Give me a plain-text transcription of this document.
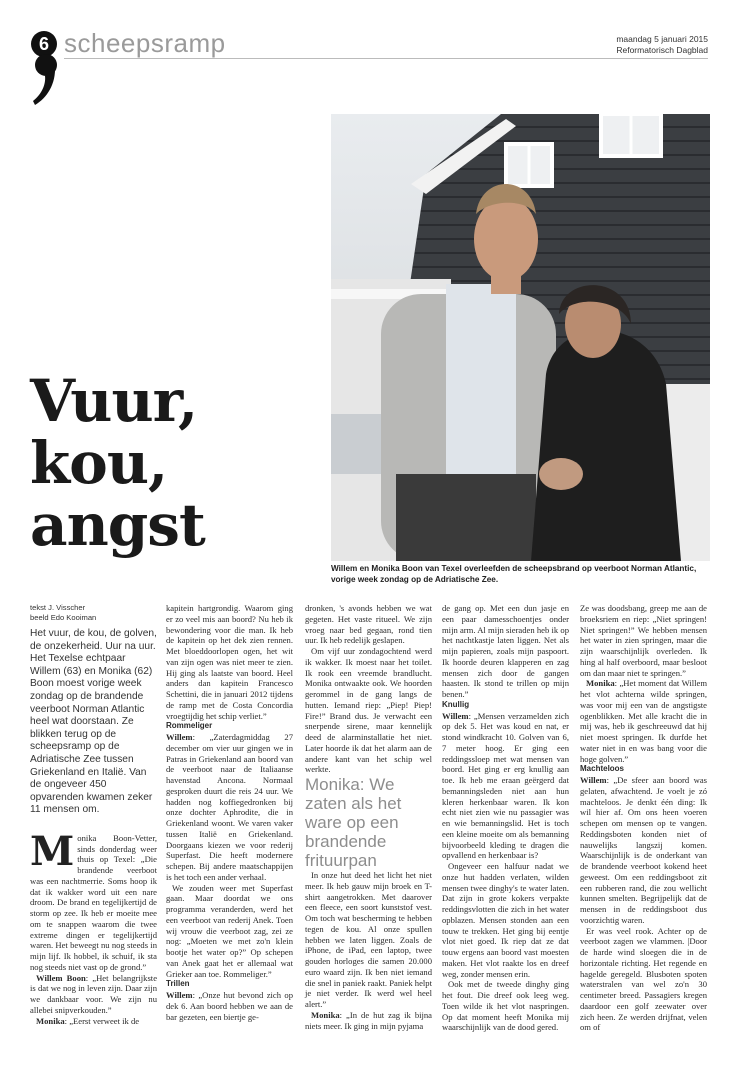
6 scheepsramp	maandag 5 januari 2015
Reformatorisch Dagblad
Vuur,
kou,
angst
Willem en Monika Boon van Texel overleefden de scheepsbrand op veerboot Norman Atlantic, vorige week zondag op de Adriatische Zee.
tekst J. Visscher
beeld Edo Kooiman

Het vuur, de kou, de golven, de onzekerheid. Uur na uur. Het Texelse echtpaar Willem (63) en Monika (62) Boon moest vorige week zondag op de brandende veerboot Norman Atlantic heel wat doorstaan. Ze blikken terug op de scheepsramp op de Adriatische Zee tussen Griekenland en Italië. Van de ongeveer 450 opvarenden kwamen zeker 11 mensen om.

Monika Boon-Vetter, sinds donderdag weer thuis op Texel: „Die brandende veerboot was een nachtmerrie. Soms hoop ik dat ik wakker word uit een nare droom. De brand en tegelijkertijd de storm op zee. Ik heb er moeite mee om te snappen waarom die twee extreme dingen er tegelijkertijd waren. Het beweegt nu nog steeds in mijn lijf. Ik hobbel, ik schuif, ik sta nog steeds niet vast op de grond.”

Willem Boon: „Het belangrijkste is dat we nog in leven zijn. Daar zijn we dankbaar voor. We zijn nu allebei snipverkouden.”

Monika: „Eerst verweet ik de

kapitein hartgrondig. Waarom ging er zo veel mis aan boord? Nu heb ik bewondering voor die man. Ik heb de kapitein op het dek zien rennen. Met bloeddoorlopen ogen, het wit van zijn ogen was niet meer te zien. Hij ging als laatste van boord. Heel anders dan kapitein Francesco Schettini, die in januari 2012 tijdens de ramp met de Costa Concordia vroegtijdig het schip verliet.”

Rommeliger

Willem: „Zaterdagmiddag 27 december om vier uur gingen we in Patras in Griekenland aan boord van de veerboot naar de Italiaanse havenstad Ancona. Normaal gesproken duurt die reis 24 uur. We hadden nog koffiegedronken bij onze dochter Aphrodite, die in Griekenland woont. We varen vaker tussen Italië en Griekenland. Doorgaans kiezen we voor rederij Superfast. Die heeft modernere schepen. Bij andere maatschappijen is het toch een ander verhaal.

We zouden weer met Superfast gaan. Maar doordat we ons programma veranderden, werd het een veerboot van rederij Anek. Toen wij vrouw die veerboot zag, zei ze nog: „Moeten we met zo'n klein bootje het water op?” Op schepen van Anek gaat het er allemaal wat Grieker aan toe. Rommeliger.”

Trillen

Willem: „Onze hut bevond zich op dek 6. Aan boord hebben we aan de bar gezeten, een biertje ge-

dronken, 's avonds hebben we wat gegeten. Het vaste ritueel. We zijn vroeg naar bed gegaan, rond tien uur. Ik heb redelijk geslapen.

Om vijf uur zondagochtend werd ik wakker. Ik moest naar het toilet. Ik rook een vreemde brandlucht. Monika ontwaakte ook. We hoorden gerommel in de gang langs de hutten. Iemand riep: „Piep! Piep! Fire!” Brand dus. Je verwacht een snerpende sirene, maar kennelijk deed de alarminstallatie het niet. Later hoorde ik dat het alarm aan de andere kant van het schip wel werkte.

Monika: We zaten als het ware op een brandende frituurpan

In onze hut deed het licht het niet meer. Ik heb gauw mijn broek en T-shirt aangetrokken. Met daarover een fleece, een soort kunststof vest. Om toch wat bescherming te hebben tegen de kou. Al onze spullen hebben we laten liggen. Zoals de iPhone, de iPad, een laptop, twee gouden horloges die samen 20.000 euro waard zijn. Ik ben niet iemand die snel in paniek raakt. Paniek helpt je niet verder. Ik werd wel heel alert.”

Monika: „In de hut zag ik bijna niets meer. Ik ging in mijn pyjama

de gang op. Met een dun jasje en een paar damesschoentjes onder mijn arm. Al mijn sieraden heb ik op het nachtkastje laten liggen. Net als mijn papieren, zoals mijn paspoort. Ik hoorde deuren klapperen en zag mensen zich door de gangen haasten. Ik stond te trillen op mijn benen.”

Knullig

Willem: „Mensen verzamelden zich op dek 5. Het was koud en nat, er stond windkracht 10. Golven van 6, 7 meter hoog. Er ging een reddingssloep met wat mensen van boord. Het ging er erg knullig aan toe. Ik heb me eraan geërgerd dat bemanningsleden niet aan hun kleren herkenbaar waren. Ik kon echt niet zien wie nu passagier was en wie bemanningslid. Het is toch een kleine moeite om als bemanning bijvoorbeeld kleding te dragen die opvallend en herkenbaar is?

Ongeveer een halfuur nadat we onze hut hadden verlaten, wilden mensen twee dinghy's te water laten. Dat zijn in grote kokers verpakte reddingsvlotten die zich in het water opblazen. Mensen stonden aan een touw te trekken. Het ging bij eentje vlot niet goed. Ik riep dat ze dat touw ergens aan boord vast moesten maken. Het vlot raakte los en dreef weg, zonder mensen erin.

Ook met de tweede dinghy ging het fout. Die dreef ook leeg weg. Toen wilde ik het vlot naspringen. Op dat moment heeft Monika mij waarschijnlijk van de dood gered.

Ze was doodsbang, greep me aan de broeksriem en riep: „Niet springen! Niet springen!” We hebben mensen het water in zien springen, maar die zijn waarschijnlijk overleden. Ik hing al half overboord, maar besloot om dan maar niet te springen.”

Monika: „Het moment dat Willem het vlot achterna wilde springen, was voor mij een van de angstigste ogenblikken. Met alle kracht die in mij was, heb ik geschreeuwd dat hij niet moest springen. Ik durfde het water niet in en was bang voor die hoge golven.”

Machteloos

Willem: „De sfeer aan boord was gelaten, afwachtend. Je voelt je zó machteloos. Je denkt één ding: Ik wil hier af. Om ons heen voeren schepen om mensen op te vangen. Reddingsboten konden niet of nauwelijks langszij komen. Waarschijnlijk is de onderkant van de brandende veerboot kokend heet geweest. Om een reddingsboot zit een rubberen rand, die zou wellicht kunnen smelten. Begrijpelijk dat de mensen in de reddingsboot dus voorzichtig waren.

Er was veel rook. Achter op de veerboot zagen we vlammen. |Door de harde wind sloegen die in de horizontale richting. Het regende en hagelde geregeld. Blusboten spoten waterstralen van wel zo'n 30 centimeter breed. Passagiers kregen daardoor een golf zeewater over zich heen. Ze werden drijfnat, velen om of
